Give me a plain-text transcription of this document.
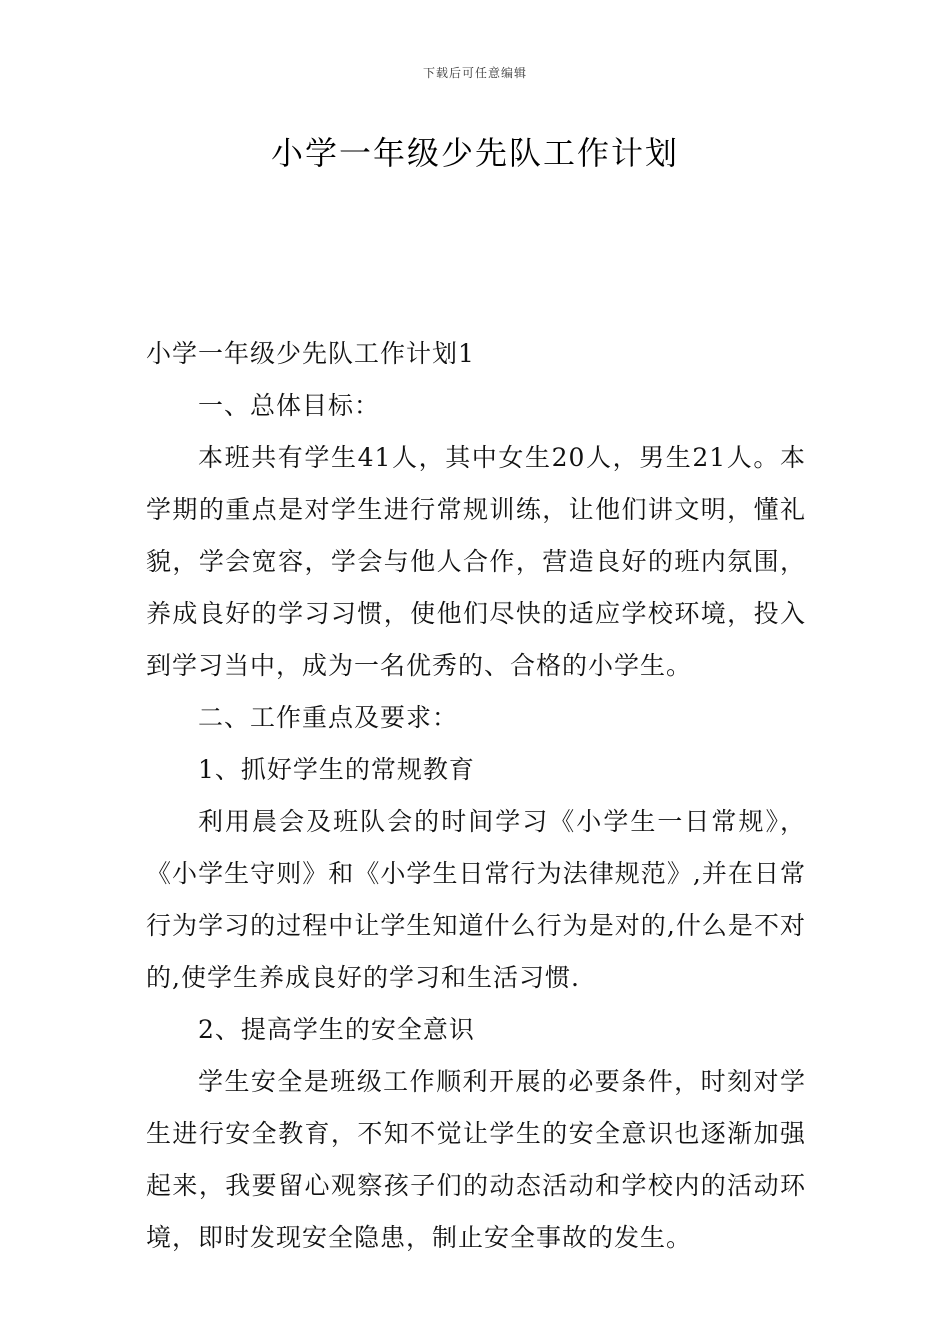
下载后可任意编辑
小学一年级少先队工作计划

小学一年级少先队工作计划1

一、总体目标：

本班共有学生41人，其中女生20人，男生21人。本学期的重点是对学生进行常规训练，让他们讲文明，懂礼貌，学会宽容，学会与他人合作，营造良好的班内氛围，养成良好的学习习惯，使他们尽快的适应学校环境，投入到学习当中，成为一名优秀的、合格的小学生。

二、工作重点及要求：

1、抓好学生的常规教育

利用晨会及班队会的时间学习《小学生一日常规》，《小学生守则》和《小学生日常行为法律规范》,并在日常行为学习的过程中让学生知道什么行为是对的,什么是不对的,使学生养成良好的学习和生活习惯.

2、提高学生的安全意识

学生安全是班级工作顺利开展的必要条件，时刻对学生进行安全教育，不知不觉让学生的安全意识也逐渐加强起来，我要留心观察孩子们的动态活动和学校内的活动环境，即时发现安全隐患，制止安全事故的发生。
